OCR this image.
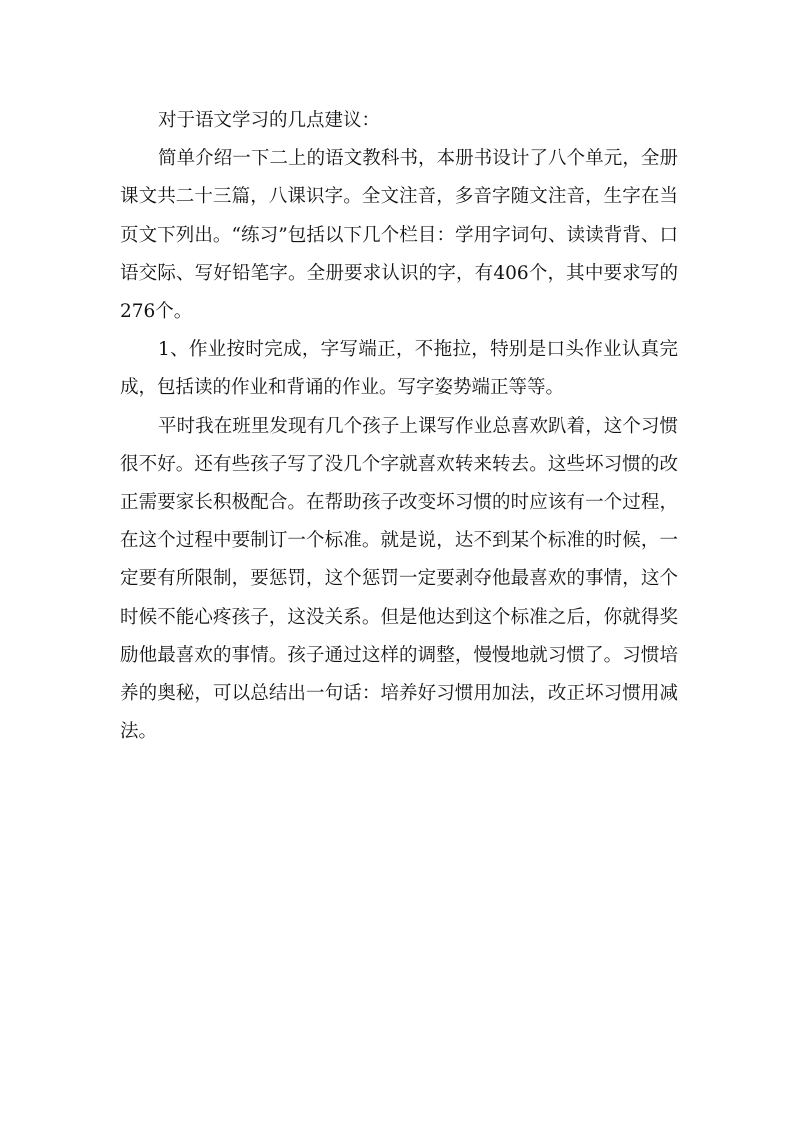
对于语文学习的几点建议：

简单介绍一下二上的语文教科书，本册书设计了八个单元，全册课文共二十三篇，八课识字。全文注音，多音字随文注音，生字在当页文下列出。“练习”包括以下几个栏目：学用字词句、读读背背、口语交际、写好铅笔字。全册要求认识的字，有406个，其中要求写的276个。

1、作业按时完成，字写端正，不拖拉，特别是口头作业认真完成，包括读的作业和背诵的作业。写字姿势端正等等。

平时我在班里发现有几个孩子上课写作业总喜欢趴着，这个习惯很不好。还有些孩子写了没几个字就喜欢转来转去。这些坏习惯的改正需要家长积极配合。在帮助孩子改变坏习惯的时应该有一个过程，在这个过程中要制订一个标准。就是说，达不到某个标准的时候，一定要有所限制，要惩罚，这个惩罚一定要剥夺他最喜欢的事情，这个时候不能心疼孩子，这没关系。但是他达到这个标准之后，你就得奖励他最喜欢的事情。孩子通过这样的调整，慢慢地就习惯了。习惯培养的奥秘，可以总结出一句话：培养好习惯用加法，改正坏习惯用减法。
